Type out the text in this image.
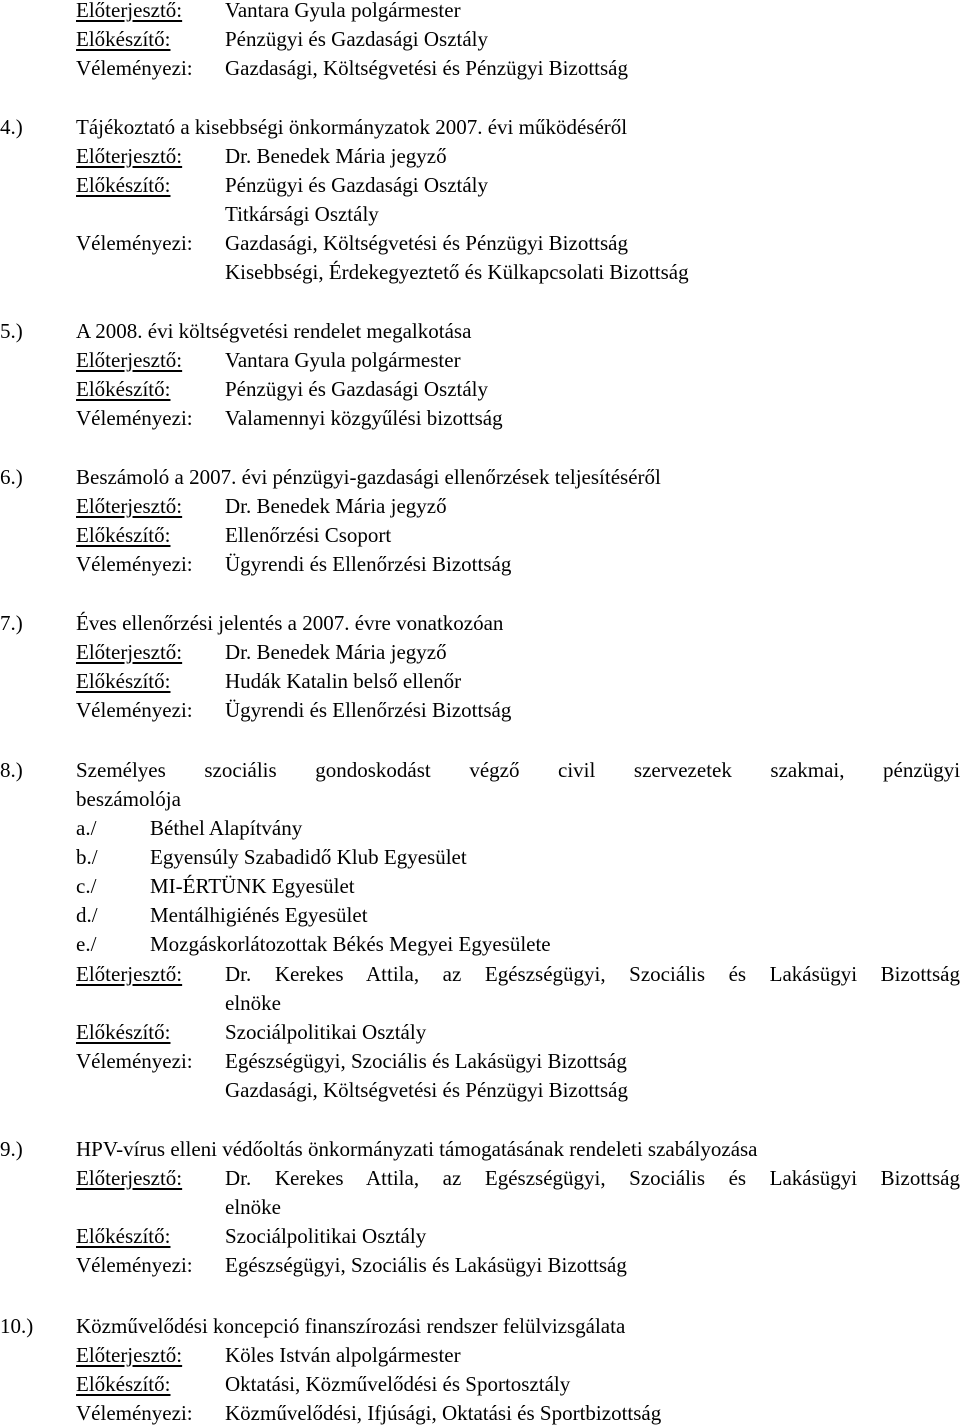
Előterjesztő: Vantara Gyula polgármester
Előkészítő:	Pénzügyi és Gazdasági Osztály
Véleményezi: Gazdasági, Költségvetési és Pénzügyi Bizottság
4.)	Tájékoztató a kisebbségi önkormányzatok 2007. évi működéséről
Előterjesztő: Dr. Benedek Mária jegyző
Előkészítő:	Pénzügyi és Gazdasági Osztály
Titkársági Osztály
Véleményezi: Gazdasági, Költségvetési és Pénzügyi Bizottság
Kisebbségi, Érdekegyeztető és Külkapcsolati Bizottság
5.)	A 2008. évi költségvetési rendelet megalkotása
Előterjesztő: Vantara Gyula polgármester
Előkészítő:	Pénzügyi és Gazdasági Osztály
Véleményezi: Valamennyi közgyűlési bizottság
6.)	Beszámoló a 2007. évi pénzügyi-gazdasági ellenőrzések teljesítéséről
Előterjesztő: Dr. Benedek Mária jegyző
Előkészítő:	Ellenőrzési Csoport
Véleményezi: Ügyrendi és Ellenőrzési Bizottság
7.)	Éves ellenőrzési jelentés a 2007. évre vonatkozóan
Előterjesztő: Dr. Benedek Mária jegyző
Előkészítő:	Hudák Katalin belső ellenőr
Véleményezi: Ügyrendi és Ellenőrzési Bizottság
8.)	Személyes szociális gondoskodást végző civil szervezetek szakmai, pénzügyi
beszámolója
a./	Béthel Alapítvány
b./ Egyensúly Szabadidő Klub Egyesület
c./	MI-ÉRTÜNK Egyesület
d./ Mentálhigiénés Egyesület
e./	Mozgáskorlátozottak Békés Megyei Egyesülete
Előterjesztő: Dr. Kerekes Attila, az Egészségügyi, Szociális és Lakásügyi Bizottság
elnöke
Előkészítő:	Szociálpolitikai Osztály
Véleményezi: Egészségügyi, Szociális és Lakásügyi Bizottság
Gazdasági, Költségvetési és Pénzügyi Bizottság
9.)	HPV-vírus elleni védőoltás önkormányzati támogatásának rendeleti szabályozása
Előterjesztő: Dr. Kerekes Attila, az Egészségügyi, Szociális és Lakásügyi Bizottság
elnöke
Előkészítő:	Szociálpolitikai Osztály
Véleményezi: Egészségügyi, Szociális és Lakásügyi Bizottság
10.) Közművelődési koncepció finanszírozási rendszer felülvizsgálata
Előterjesztő: Köles István alpolgármester
Előkészítő:	Oktatási, Közművelődési és Sportosztály
Véleményezi: Közművelődési, Ifjúsági, Oktatási és Sportbizottság
